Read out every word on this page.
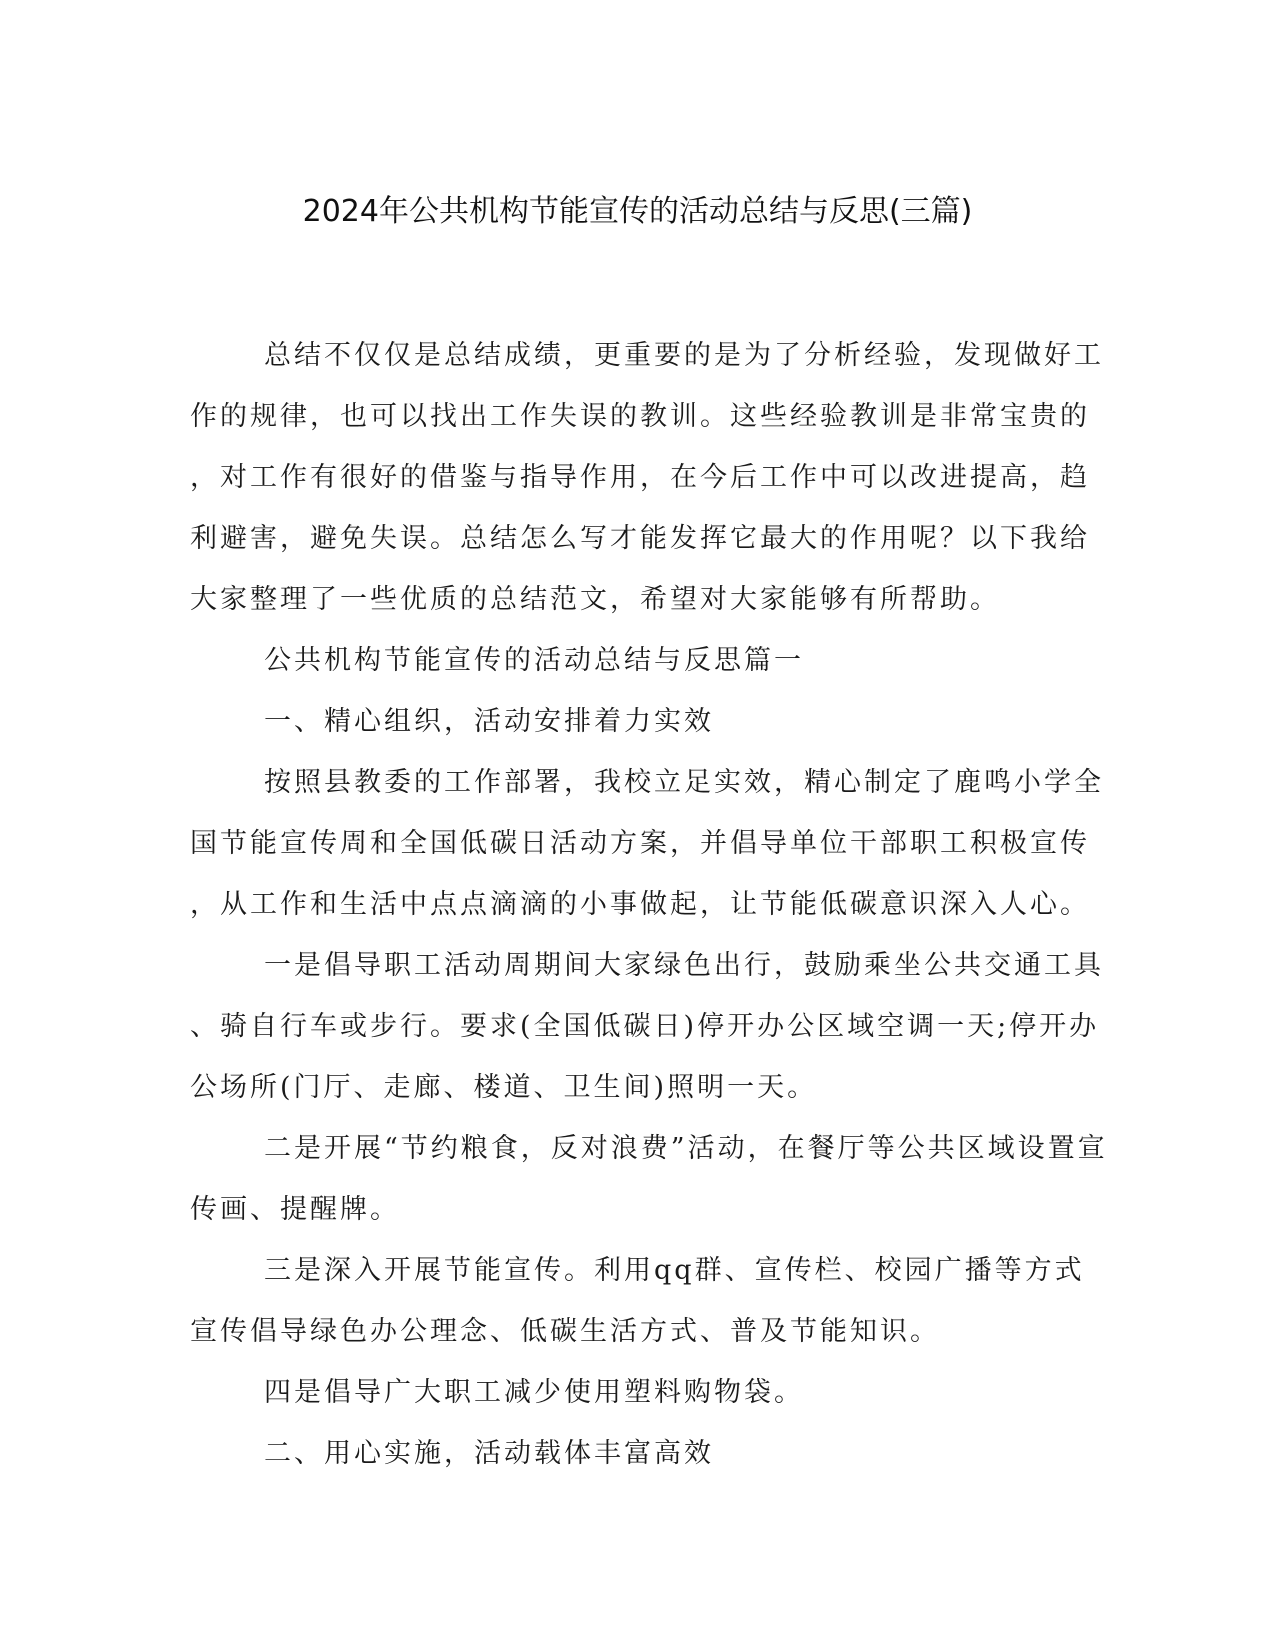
2024年公共机构节能宣传的活动总结与反思(三篇)
总结不仅仅是总结成绩，更重要的是为了分析经验，发现做好工
作的规律，也可以找出工作失误的教训。这些经验教训是非常宝贵的
，对工作有很好的借鉴与指导作用，在今后工作中可以改进提高，趋
利避害，避免失误。总结怎么写才能发挥它最大的作用呢？以下我给
大家整理了一些优质的总结范文，希望对大家能够有所帮助。
公共机构节能宣传的活动总结与反思篇一
一、精心组织，活动安排着力实效
按照县教委的工作部署，我校立足实效，精心制定了鹿鸣小学全
国节能宣传周和全国低碳日活动方案，并倡导单位干部职工积极宣传
，从工作和生活中点点滴滴的小事做起，让节能低碳意识深入人心。
一是倡导职工活动周期间大家绿色出行，鼓励乘坐公共交通工具
、骑自行车或步行。要求(全国低碳日)停开办公区域空调一天;停开办
公场所(门厅、走廊、楼道、卫生间)照明一天。
二是开展“节约粮食，反对浪费”活动，在餐厅等公共区域设置宣
传画、提醒牌。
三是深入开展节能宣传。利用qq群、宣传栏、校园广播等方式
宣传倡导绿色办公理念、低碳生活方式、普及节能知识。
四是倡导广大职工减少使用塑料购物袋。
二、用心实施，活动载体丰富高效
